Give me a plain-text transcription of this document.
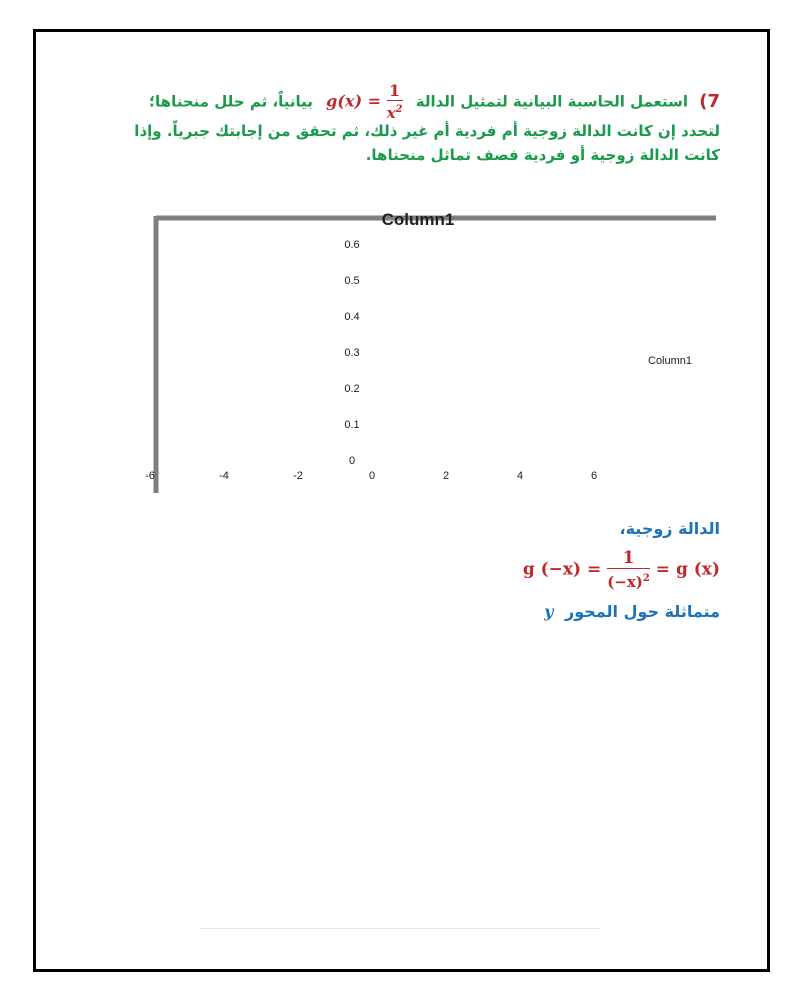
7) استعمل الحاسبة البيانية لتمثيل الدالة $g(x) = \frac{1}{x^2}$
بيانياً، ثم حلل منحناها؛
لتحدد إن كانت الدالة زوجية أم فردية أم غير ذلك، ثم تحقق من إجابتك جبرياً. وإذا
كانت الدالة زوجية أو فردية فصف تماثل منحناها.
Column1
0
0.1
0.2
0.3
0.4
0.5
0.6
-6	-4	-2	0	2	4	6
Column1
الدالة زوجية،
g $(-x) = \frac{1}{(-x)^2} = g$ (x)
متماثلة حول المحور y
